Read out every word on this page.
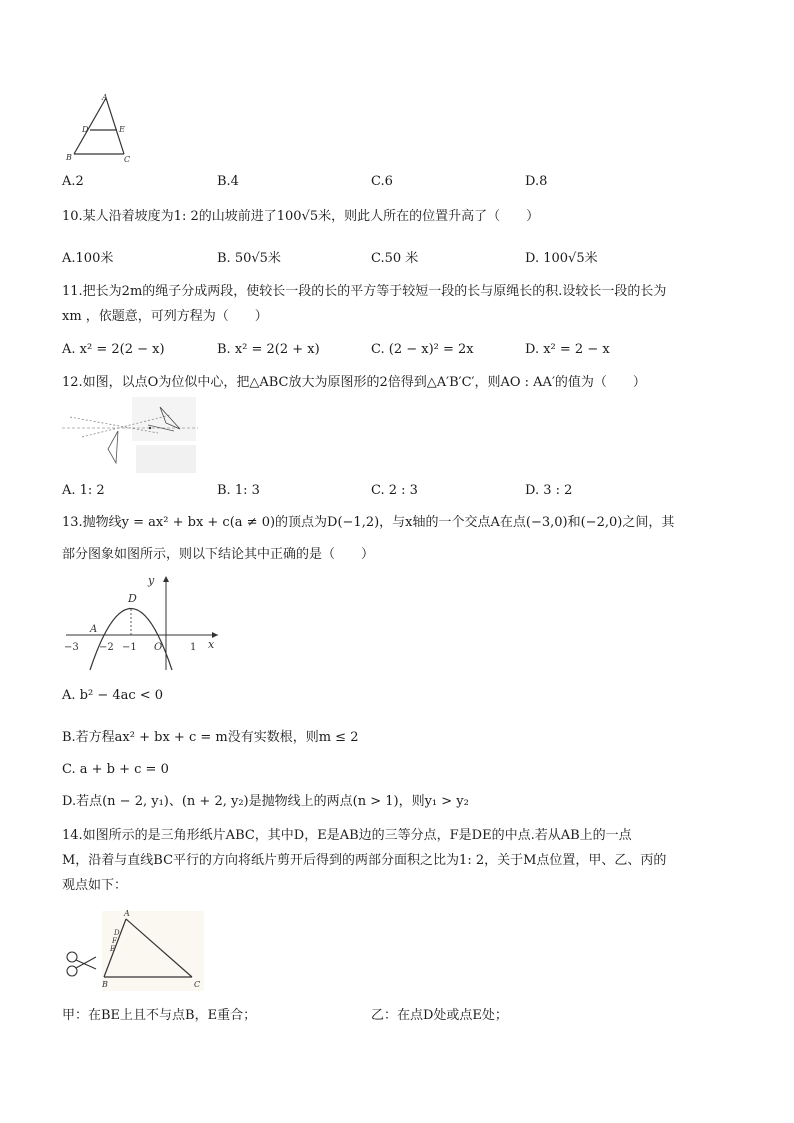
A
D	E
B	C
A.2	B.4	C.6	D.8
10.某人沿着坡度为1: 2的山坡前进了100√5米，则此人所在的位置升高了（　　）
A.100米	B. 50√5米	C.50 米	D. 100√5米
11.把长为2m的绳子分成两段，使较长一段的长的平方等于较短一段的长与原绳长的积.设较长一段的长为
xm ，依题意，可列方程为（　　）
A. x² = 2(2 − x)	B. x² = 2(2 + x)	C. (2 − x)² = 2x	D. x² = 2 − x
12.如图，以点O为位似中心，把△ABC放大为原图形的2倍得到△A′B′C′，则AO : AA′的值为（　　）
A. 1: 2	B. 1: 3	C. 2 : 3	D. 3 : 2
13.抛物线y = ax² + bx + c(a ≠ 0)的顶点为D(−1,2)，与x轴的一个交点A在点(−3,0)和(−2,0)之间，其
部分图象如图所示，则以下结论其中正确的是（　　）
y
x
D
A
−3 −2 −1 O	1
A. b² − 4ac < 0
B.若方程ax² + bx + c = m没有实数根，则m ≤ 2
C. a + b + c = 0
D.若点(n − 2, y₁)、(n + 2, y₂)是抛物线上的两点(n > 1)，则y₁ > y₂
14.如图所示的是三角形纸片ABC，其中D，E是AB边的三等分点，F是DE的中点.若从AB上的一点
M，沿着与直线BC平行的方向将纸片剪开后得到的两部分面积之比为1: 2，关于M点位置，甲、乙、丙的
观点如下：
A
D
F
E
B	C
甲：在BE上且不与点B，E重合；	乙：在点D处或点E处；
